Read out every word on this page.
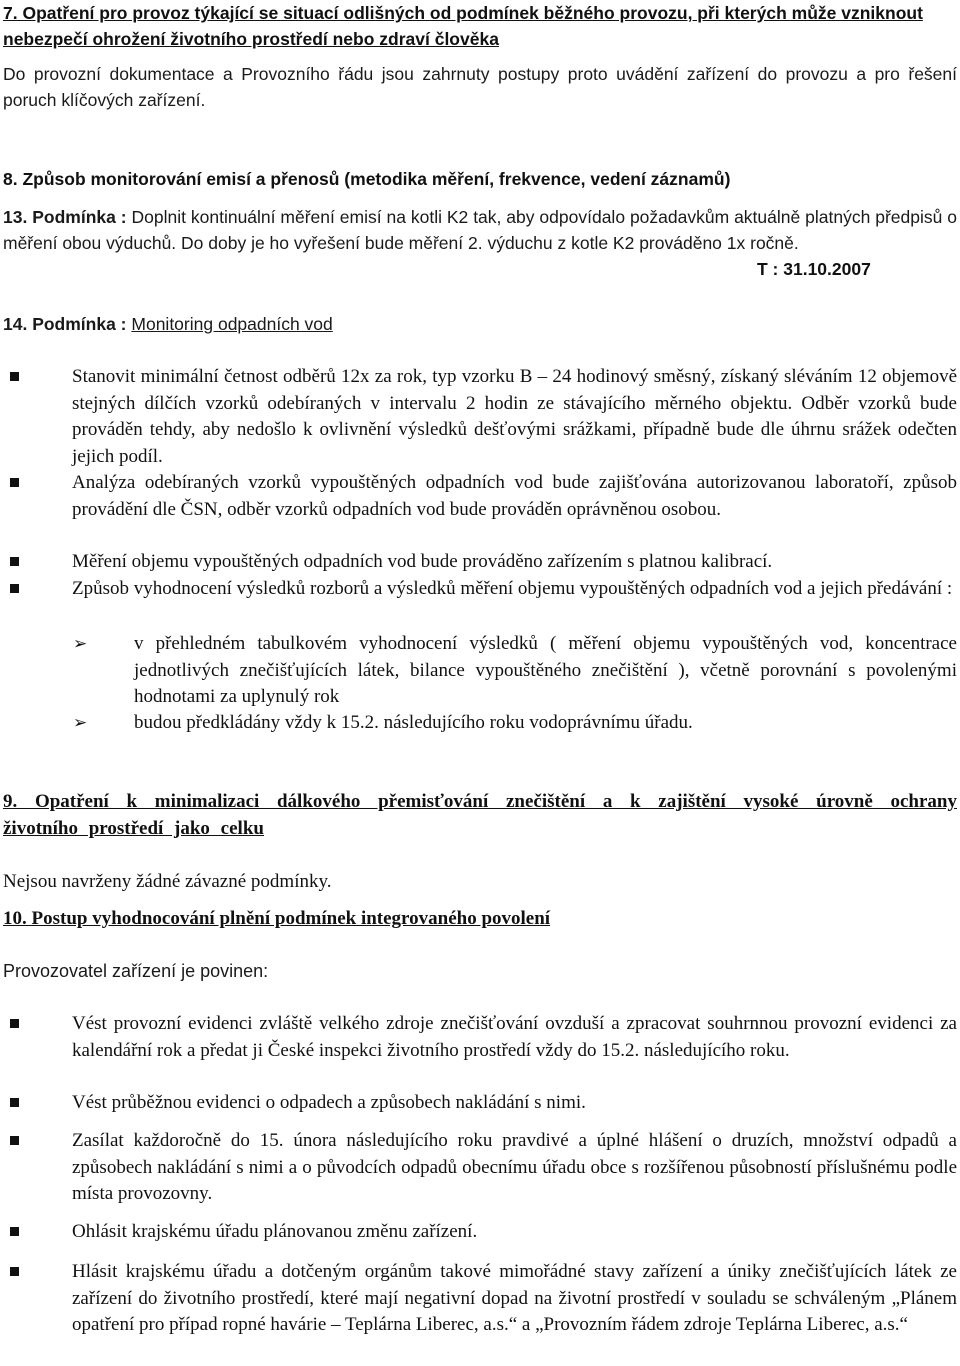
7. Opatření pro provoz týkající se situací odlišných od podmínek běžného provozu, při kterých může vzniknout nebezpečí ohrožení životního prostředí nebo zdraví člověka

Do provozní dokumentace a Provozního řádu jsou zahrnuty postupy proto uvádění zařízení do provozu a pro řešení poruch klíčových zařízení.

8. Způsob monitorování emisí a přenosů (metodika měření, frekvence, vedení záznamů)

13. Podmínka : Doplnit kontinuální měření emisí na kotli K2 tak, aby odpovídalo požadavkům aktuálně platných předpisů o měření obou výduchů. Do doby je ho vyřešení bude měření 2. výduchu z kotle K2 prováděno 1x ročně.

T : 31.10.2007

14. Podmínka : Monitoring odpadních vod

Stanovit minimální četnost odběrů 12x za rok, typ vzorku B – 24 hodinový směsný, získaný sléváním 12 objemově stejných dílčích vzorků odebíraných v intervalu 2 hodin ze stávajícího měrného objektu. Odběr vzorků bude prováděn tehdy, aby nedošlo k ovlivnění výsledků dešťovými srážkami, případně bude dle úhrnu srážek odečten jejich podíl.
Analýza odebíraných vzorků vypouštěných odpadních vod bude zajišťována autorizovanou laboratoří, způsob provádění dle ČSN, odběr vzorků odpadních vod bude prováděn oprávněnou osobou.
Měření objemu vypouštěných odpadních vod bude prováděno zařízením s platnou kalibrací.
Způsob vyhodnocení výsledků rozborů a výsledků měření objemu vypouštěných odpadních vod a jejich předávání :
➢ v přehledném tabulkovém vyhodnocení výsledků ( měření objemu vypouštěných vod, koncentrace jednotlivých znečišťujících látek, bilance vypouštěného znečištění ), včetně porovnání s povolenými hodnotami za uplynulý rok
➢ budou předkládány vždy k 15.2. následujícího roku vodoprávnímu úřadu.

9. Opatření k minimalizaci dálkového přemisťování znečištění a k zajištění vysoké úrovně ochrany životního prostředí jako celku

Nejsou navrženy žádné závazné podmínky.

10. Postup vyhodnocování plnění podmínek integrovaného povolení

Provozovatel zařízení je povinen:

Vést provozní evidenci zvláště velkého zdroje znečišťování ovzduší a zpracovat souhrnnou provozní evidenci za kalendářní rok a předat ji České inspekci životního prostředí vždy do 15.2. následujícího roku.
Vést průběžnou evidenci o odpadech a způsobech nakládání s nimi.
Zasílat každoročně do 15. února následujícího roku pravdivé a úplné hlášení o druzích, množství odpadů a způsobech nakládání s nimi a o původcích odpadů obecnímu úřadu obce s rozšířenou působností příslušnému podle místa provozovny.
Ohlásit krajskému úřadu plánovanou změnu zařízení.
Hlásit krajskému úřadu a dotčeným orgánům takové mimořádné stavy zařízení a úniky znečišťujících látek ze zařízení do životního prostředí, které mají negativní dopad na životní prostředí v souladu se schváleným „Plánem opatření pro případ ropné havárie – Teplárna Liberec, a.s.“ a „Provozním řádem zdroje Teplárna Liberec, a.s.“
